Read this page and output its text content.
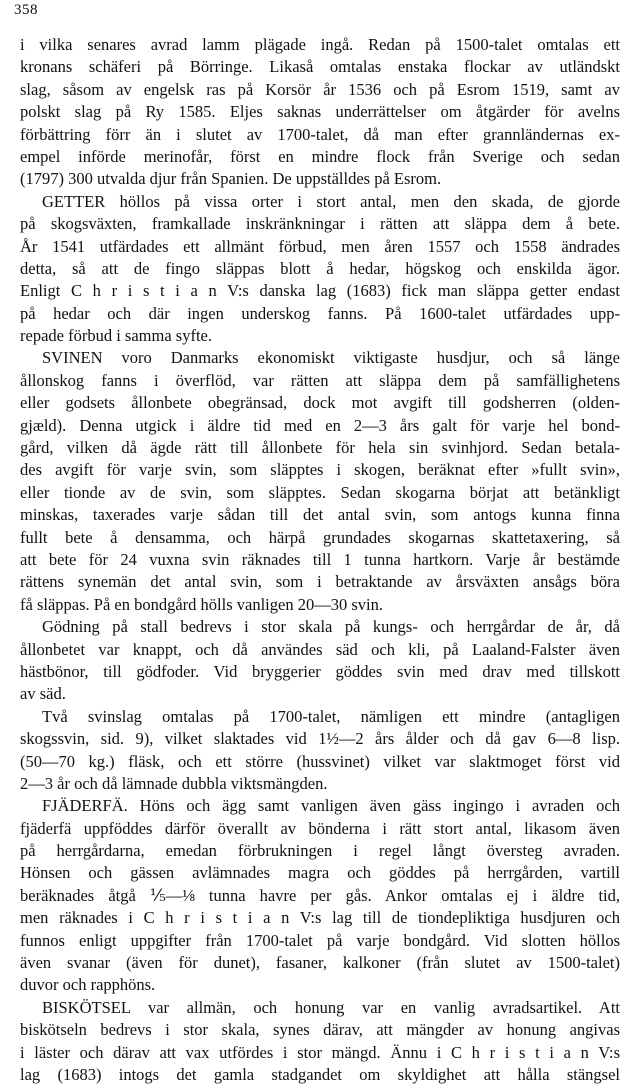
358
i vilka senares avrad lamm plägade ingå. Redan på 1500-talet omtalas ett
kronans schäferi på Börringe. Likaså omtalas enstaka flockar av utländskt
slag, såsom av engelsk ras på Korsör år 1536 och på Esrom 1519, samt av
polskt slag på Ry 1585. Eljes saknas underrättelser om åtgärder för avelns
förbättring förr än i slutet av 1700-talet, då man efter grannländernas ex-
empel införde merinofår, först en mindre flock från Sverige och sedan
(1797) 300 utvalda djur från Spanien. De uppställdes på Esrom.
GETTER höllos på vissa orter i stort antal, men den skada, de gjorde
på skogsväxten, framkallade inskränkningar i rätten att släppa dem å bete.
År 1541 utfärdades ett allmänt förbud, men åren 1557 och 1558 ändrades
detta, så att de fingo släppas blott å hedar, högskog och enskilda ägor.
Enligt C h r i s t i a n V:s danska lag (1683) fick man släppa getter endast
på hedar och där ingen underskog fanns. På 1600-talet utfärdades upp-
repade förbud i samma syfte.
SVINEN voro Danmarks ekonomiskt viktigaste husdjur, och så länge
ållonskog fanns i överflöd, var rätten att släppa dem på samfällighetens
eller godsets ållonbete obegränsad, dock mot avgift till godsherren (olden-
gjæld). Denna utgick i äldre tid med en 2—3 års galt för varje hel bond-
gård, vilken då ägde rätt till ållonbete för hela sin svinhjord. Sedan betala-
des avgift för varje svin, som släpptes i skogen, beräknat efter »fullt svin»,
eller tionde av de svin, som släpptes. Sedan skogarna börjat att betänkligt
minskas, taxerades varje sådan till det antal svin, som antogs kunna finna
fullt bete å densamma, och härpå grundades skogarnas skattetaxering, så
att bete för 24 vuxna svin räknades till 1 tunna hartkorn. Varje år bestämde
rättens synemän det antal svin, som i betraktande av årsväxten ansågs böra
få släppas. På en bondgård hölls vanligen 20—30 svin.
Gödning på stall bedrevs i stor skala på kungs- och herrgårdar de år, då
ållonbetet var knappt, och då användes säd och kli, på Laaland-Falster även
hästbönor, till gödfoder. Vid bryggerier göddes svin med drav med tillskott
av säd.
Två svinslag omtalas på 1700-talet, nämligen ett mindre (antagligen
skogssvin, sid. 9), vilket slaktades vid 1½—2 års ålder och då gav 6—8 lisp.
(50—70 kg.) fläsk, och ett större (hussvinet) vilket var slaktmoget först vid
2—3 år och då lämnade dubbla viktsmängden.
FJÄDERFÄ. Höns och ägg samt vanligen även gäss ingingo i avraden och
fjäderfä uppföddes därför överallt av bönderna i rätt stort antal, likasom även
på herrgårdarna, emedan förbrukningen i regel långt översteg avraden.
Hönsen och gässen avlämnades magra och göddes på herrgården, vartill
beräknades åtgå ⅕—⅛ tunna havre per gås. Ankor omtalas ej i äldre tid,
men räknades i C h r i s t i a n V:s lag till de tiondepliktiga husdjuren och
funnos enligt uppgifter från 1700-talet på varje bondgård. Vid slotten höllos
även svanar (även för dunet), fasaner, kalkoner (från slutet av 1500-talet)
duvor och rapphöns.
BISKÖTSEL var allmän, och honung var en vanlig avradsartikel. Att
biskötseln bedrevs i stor skala, synes därav, att mängder av honung angivas
i läster och därav att vax utfördes i stor mängd. Ännu i C h r i s t i a n V:s
lag (1683) intogs det gamla stadgandet om skyldighet att hålla stängsel
